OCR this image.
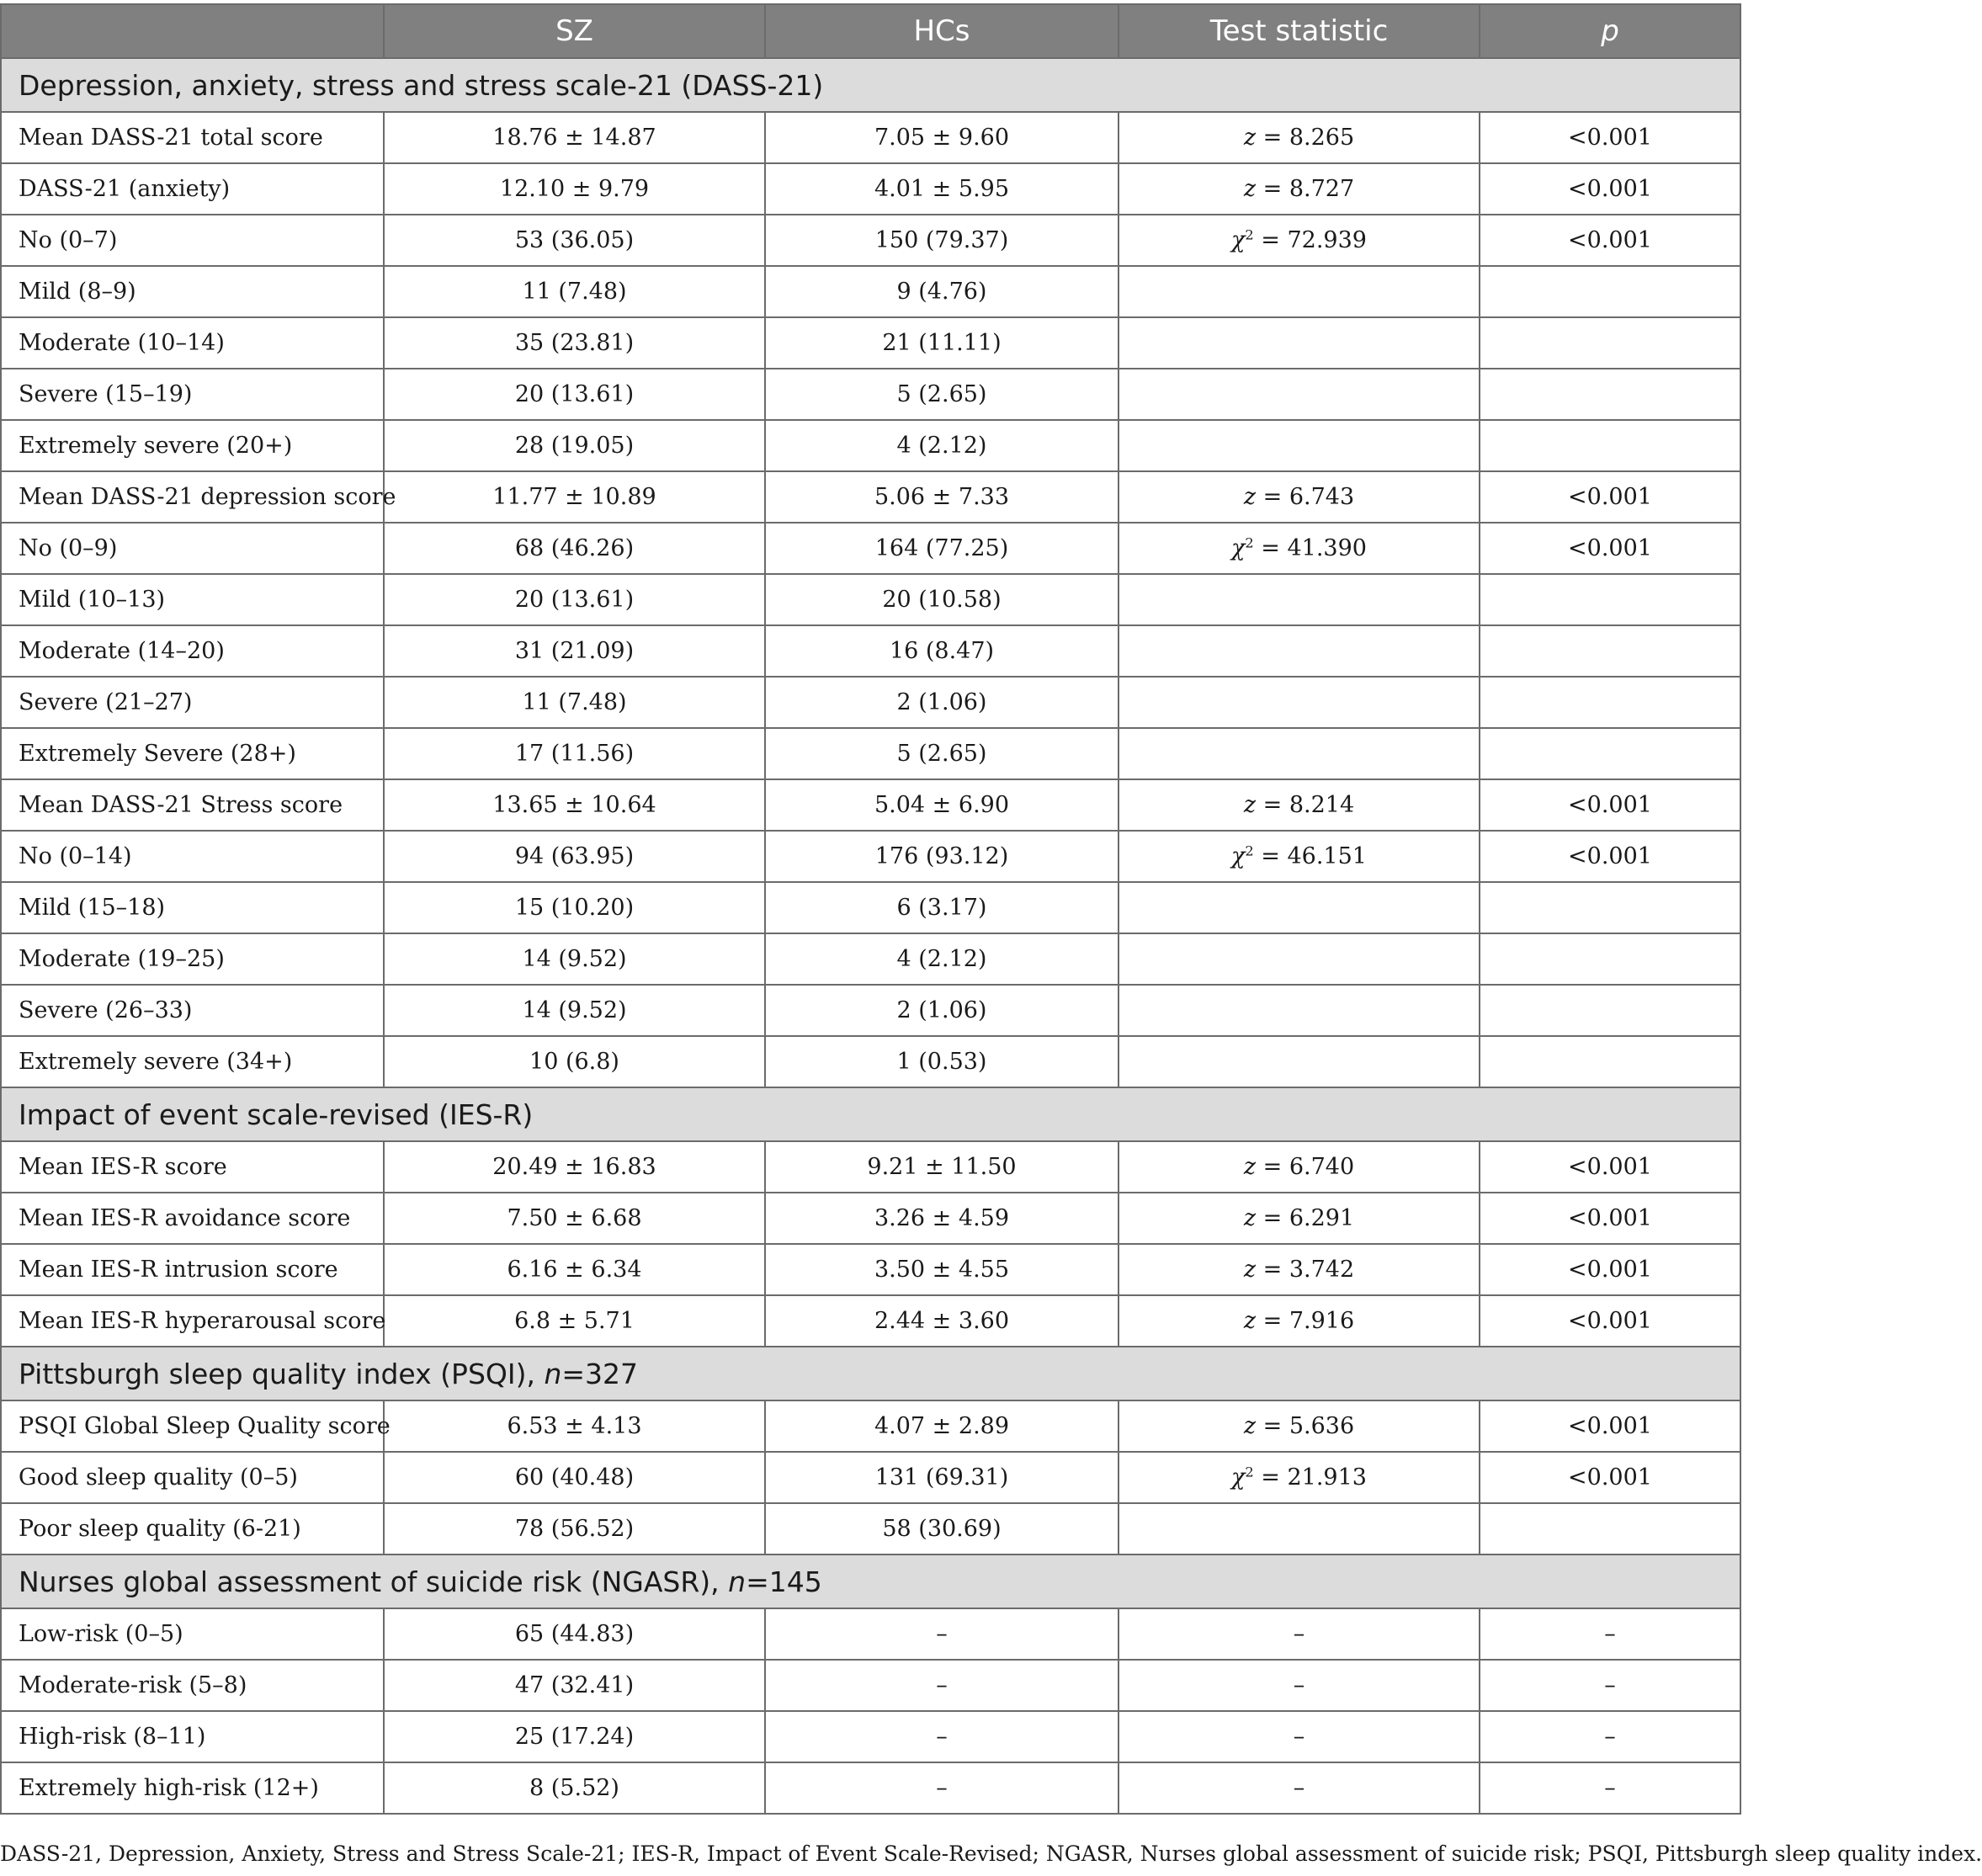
	SZ	HCs	Test statistic	p
Depression, anxiety, stress and stress scale-21 (DASS-21)				
Mean DASS-21 total score	18.76 ± 14.87	7.05 ± 9.60	z = 8.265	<0.001
DASS-21 (anxiety)	12.10 ± 9.79	4.01 ± 5.95	z = 8.727	<0.001
No (0–7)	53 (36.05)	150 (79.37)	$\chi^2 = 72.939$	<0.001
Mild (8–9)	11 (7.48)	9 (4.76)		
Moderate (10–14)	35 (23.81)	21 (11.11)		
Severe (15–19)	20 (13.61)	5 (2.65)		
Extremely severe (20+)	28 (19.05)	4 (2.12)		
Mean DASS-21 depression score	11.77 ± 10.89	5.06 ± 7.33	z = 6.743	<0.001
No (0–9)	68 (46.26)	164 (77.25)	$\chi^2 = 41.390$	<0.001
Mild (10–13)	20 (13.61)	20 (10.58)		
Moderate (14–20)	31 (21.09)	16 (8.47)		
Severe (21–27)	11 (7.48)	2 (1.06)		
Extremely Severe (28+)	17 (11.56)	5 (2.65)		
Mean DASS-21 Stress score	13.65 ± 10.64	5.04 ± 6.90	z = 8.214	<0.001
No (0–14)	94 (63.95)	176 (93.12)	$\chi^2 = 46.151$	<0.001
Mild (15–18)	15 (10.20)	6 (3.17)		
Moderate (19–25)	14 (9.52)	4 (2.12)		
Severe (26–33)	14 (9.52)	2 (1.06)		
Extremely severe (34+)	10 (6.8)	1 (0.53)		
Impact of event scale-revised (IES-R)				
Mean IES-R score	20.49 ± 16.83	9.21 ± 11.50	z = 6.740	<0.001
Mean IES-R avoidance score	7.50 ± 6.68	3.26 ± 4.59	z = 6.291	<0.001
Mean IES-R intrusion score	6.16 ± 6.34	3.50 ± 4.55	z = 3.742	<0.001
Mean IES-R hyperarousal score	6.8 ± 5.71	2.44 ± 3.60	z = 7.916	<0.001
Pittsburgh sleep quality index (PSQI), n=327				
PSQI Global Sleep Quality score	6.53 ± 4.13	4.07 ± 2.89	z = 5.636	<0.001
Good sleep quality (0–5)	60 (40.48)	131 (69.31)	$\chi^2 = 21.913$	<0.001
Poor sleep quality (6-21)	78 (56.52)	58 (30.69)		
Nurses global assessment of suicide risk (NGASR), n=145				
Low-risk (0–5)	65 (44.83)	–	–	–
Moderate-risk (5–8)	47 (32.41)	–	–	–
High-risk (8–11)	25 (17.24)	–	–	–
Extremely high-risk (12+)	8 (5.52)	–	–	–
DASS-21, Depression, Anxiety, Stress and Stress Scale-21; IES-R, Impact of Event Scale-Revised; NGASR, Nurses global assessment of suicide risk; PSQI, Pittsburgh sleep quality index.
